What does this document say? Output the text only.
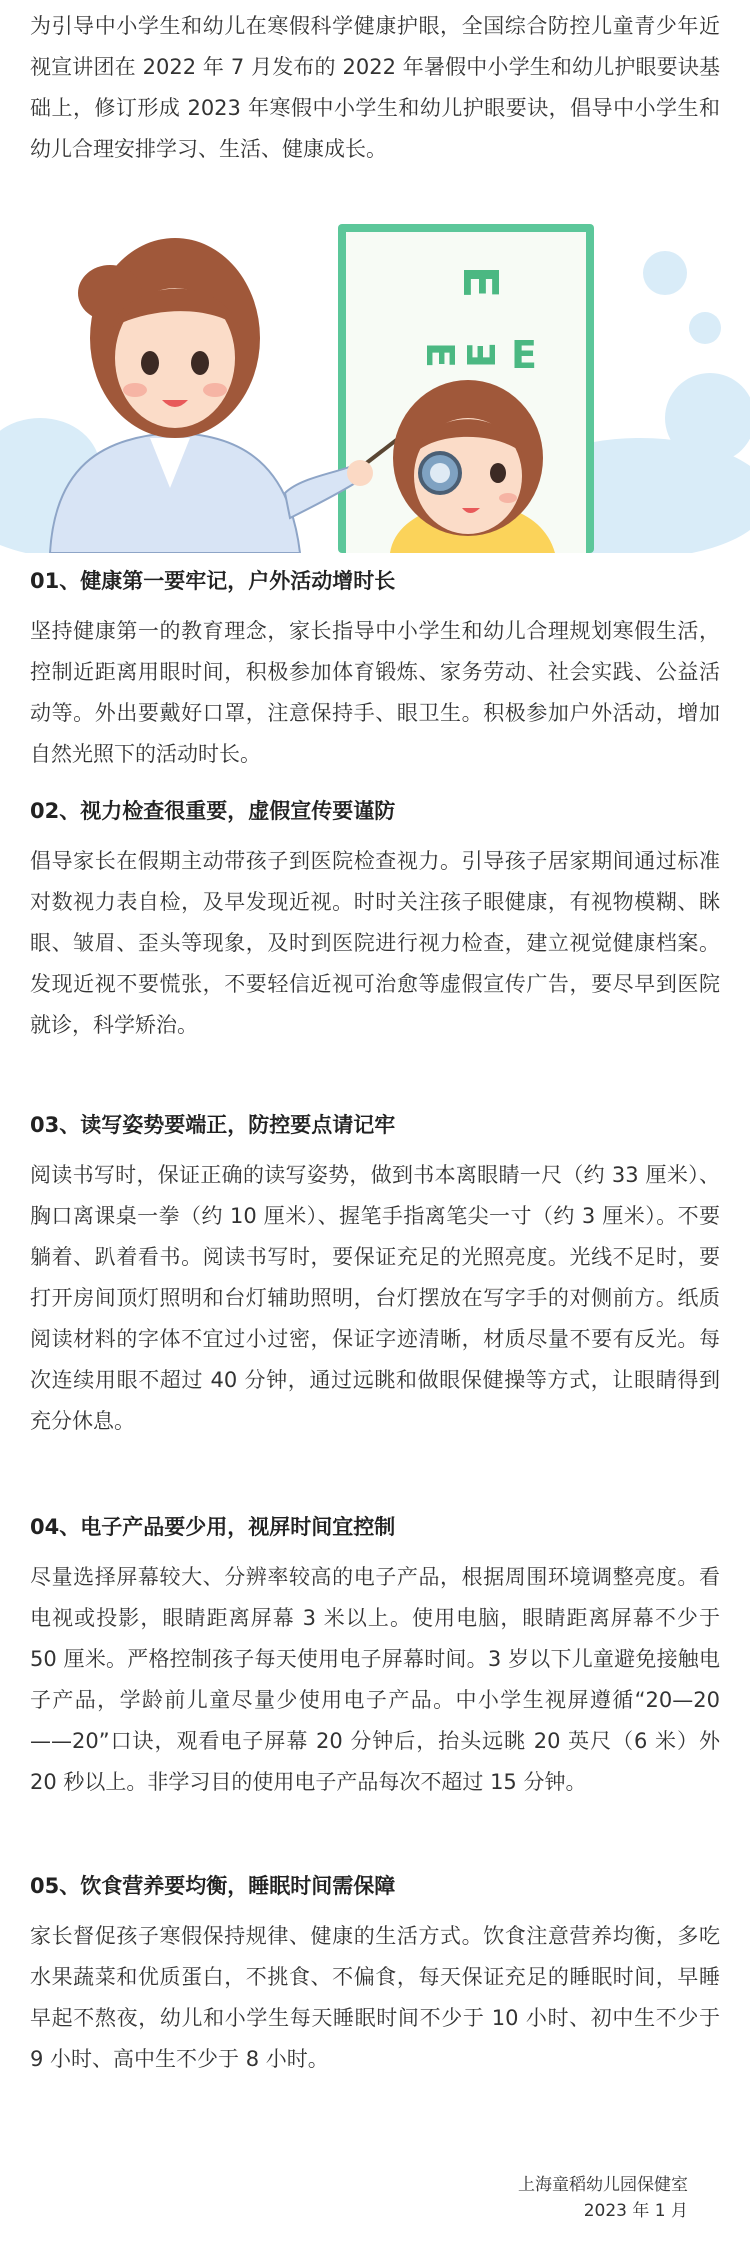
为引导中小学生和幼儿在寒假科学健康护眼，全国综合防控儿童青少年近视宣讲团在 2022 年 7 月发布的 2022 年暑假中小学生和幼儿护眼要诀基础上，修订形成 2023 年寒假中小学生和幼儿护眼要诀，倡导中小学生和幼儿合理安排学习、生活、健康成长。

E
E
E E
01、健康第一要牢记，户外活动增时长

坚持健康第一的教育理念，家长指导中小学生和幼儿合理规划寒假生活，控制近距离用眼时间，积极参加体育锻炼、家务劳动、社会实践、公益活动等。外出要戴好口罩，注意保持手、眼卫生。积极参加户外活动，增加自然光照下的活动时长。

02、视力检查很重要，虚假宣传要谨防

倡导家长在假期主动带孩子到医院检查视力。引导孩子居家期间通过标准对数视力表自检，及早发现近视。时时关注孩子眼健康，有视物模糊、眯眼、皱眉、歪头等现象，及时到医院进行视力检查，建立视觉健康档案。发现近视不要慌张，不要轻信近视可治愈等虚假宣传广告，要尽早到医院就诊，科学矫治。

03、读写姿势要端正，防控要点请记牢

阅读书写时，保证正确的读写姿势，做到书本离眼睛一尺（约 33 厘米）、胸口离课桌一拳（约 10 厘米）、握笔手指离笔尖一寸（约 3 厘米）。不要躺着、趴着看书。阅读书写时，要保证充足的光照亮度。光线不足时，要打开房间顶灯照明和台灯辅助照明，台灯摆放在写字手的对侧前方。纸质阅读材料的字体不宜过小过密，保证字迹清晰，材质尽量不要有反光。每次连续用眼不超过 40 分钟，通过远眺和做眼保健操等方式，让眼睛得到充分休息。

04、电子产品要少用，视屏时间宜控制

尽量选择屏幕较大、分辨率较高的电子产品，根据周围环境调整亮度。看电视或投影，眼睛距离屏幕 3 米以上。使用电脑，眼睛距离屏幕不少于 50 厘米。严格控制孩子每天使用电子屏幕时间。3 岁以下儿童避免接触电子产品，学龄前儿童尽量少使用电子产品。中小学生视屏遵循“20—20——20”口诀，观看电子屏幕 20 分钟后，抬头远眺 20 英尺（6 米）外 20 秒以上。非学习目的使用电子产品每次不超过 15 分钟。

05、饮食营养要均衡，睡眠时间需保障

家长督促孩子寒假保持规律、健康的生活方式。饮食注意营养均衡，多吃水果蔬菜和优质蛋白，不挑食、不偏食，每天保证充足的睡眠时间，早睡早起不熬夜，幼儿和小学生每天睡眠时间不少于 10 小时、初中生不少于 9 小时、高中生不少于 8 小时。

上海童稻幼儿园保健室
2023 年 1 月
